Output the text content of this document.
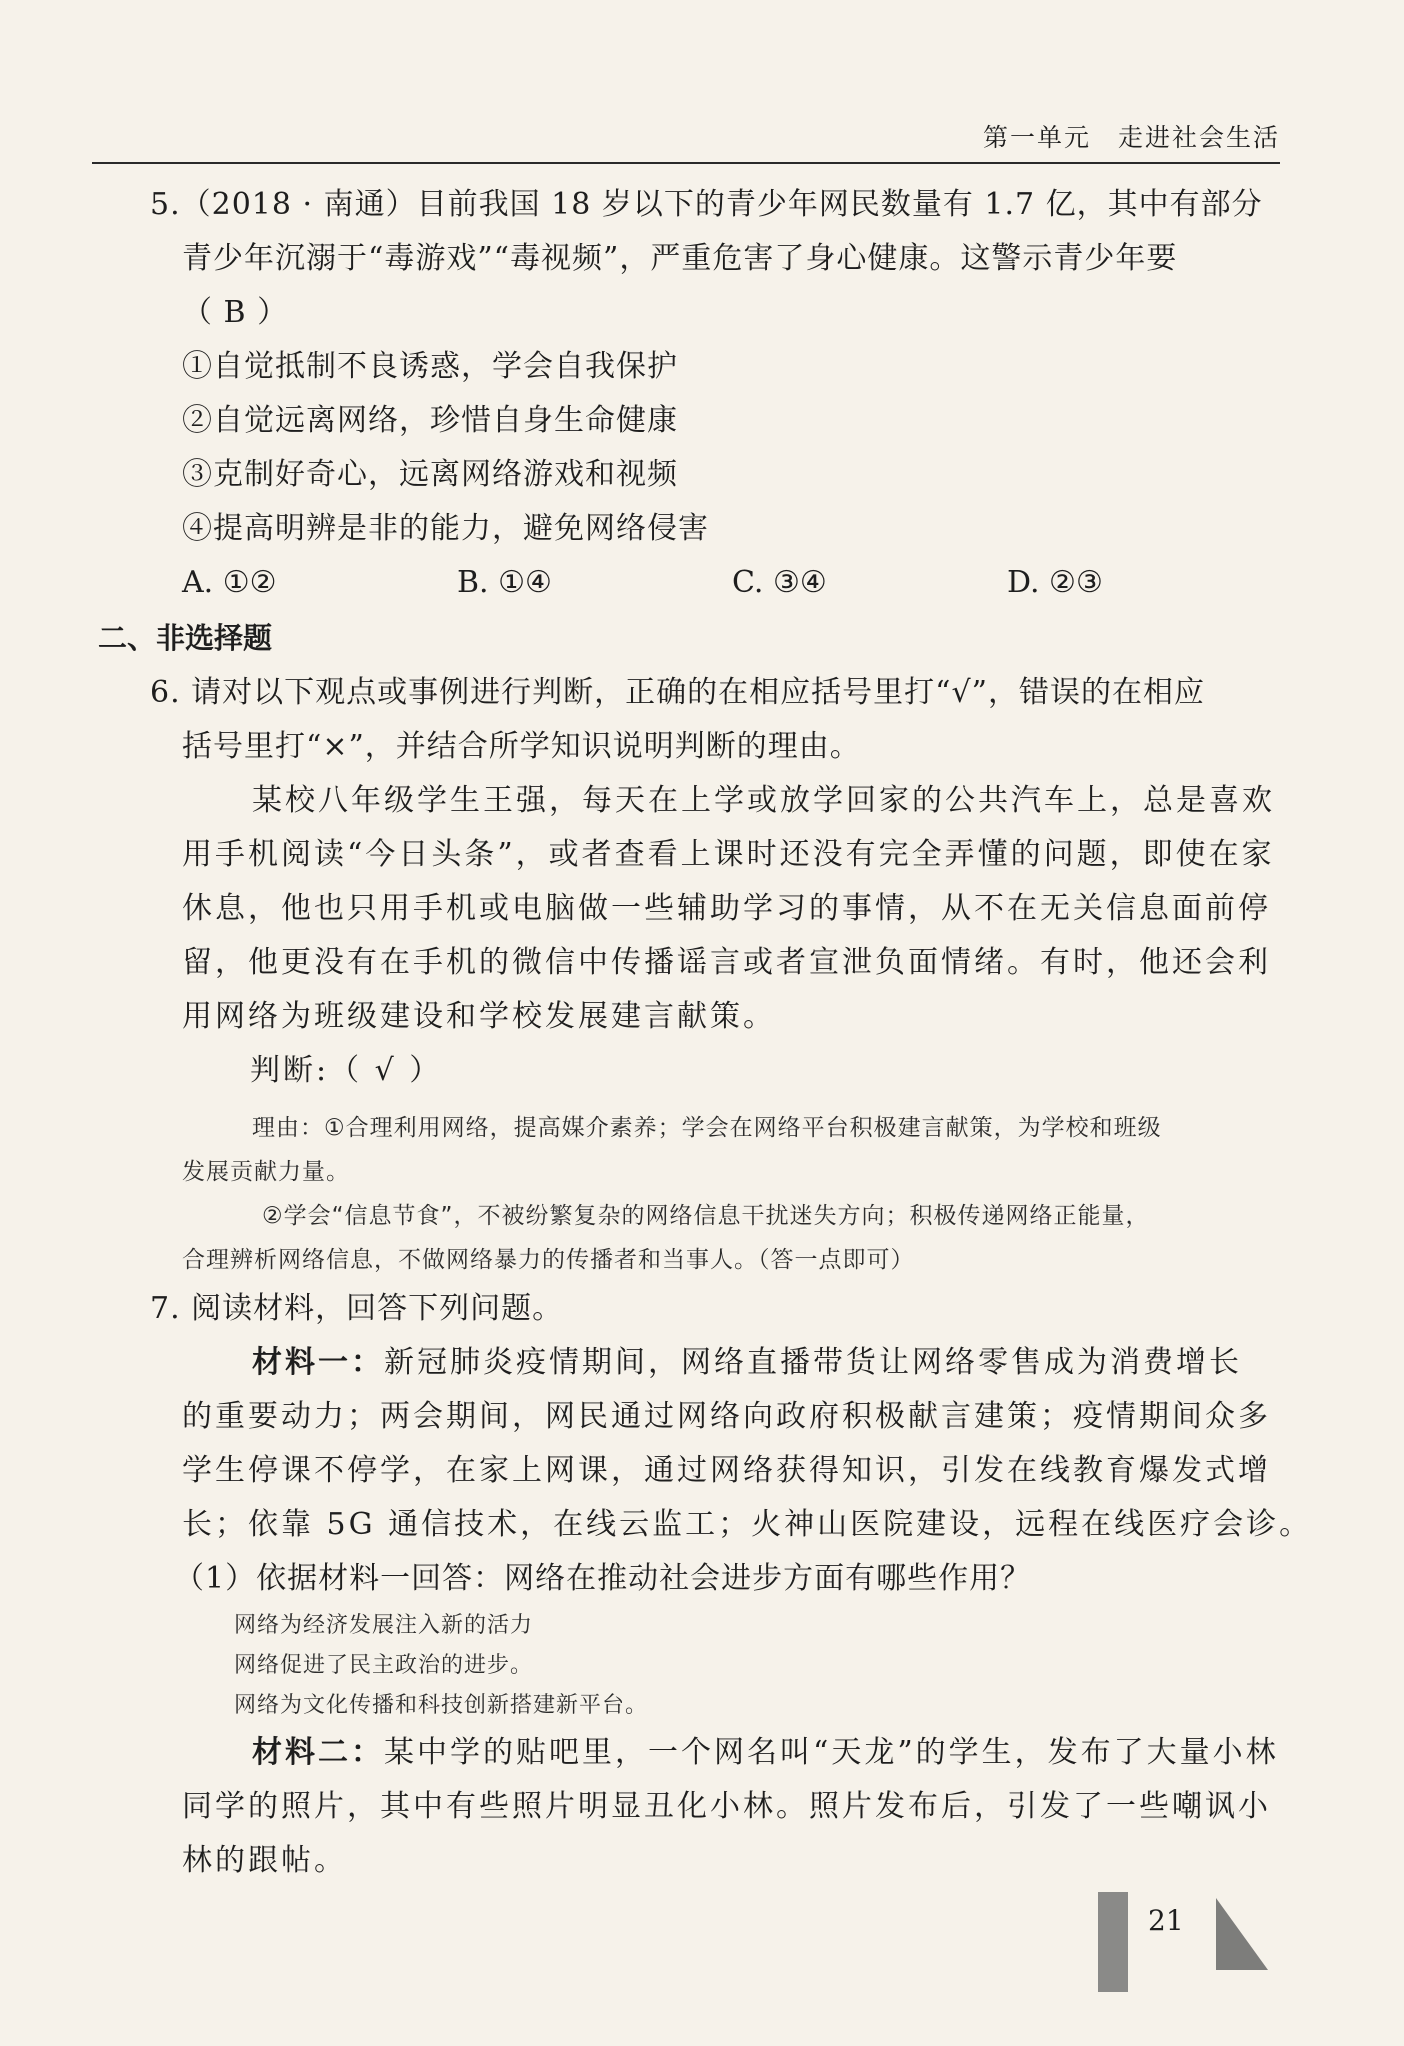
第一单元　走进社会生活

5.（2018 · 南通）目前我国 18 岁以下的青少年网民数量有 1.7 亿，其中有部分

青少年沉溺于“毒游戏”“毒视频”，严重危害了身心健康。这警示青少年要

（ B ）

①自觉抵制不良诱惑，学会自我保护

②自觉远离网络，珍惜自身生命健康

③克制好奇心，远离网络游戏和视频

④提高明辨是非的能力，避免网络侵害

A. ①②	B. ①④	C. ③④	D. ②③

二、非选择题

6. 请对以下观点或事例进行判断，正确的在相应括号里打“√”，错误的在相应

括号里打“×”，并结合所学知识说明判断的理由。

某校八年级学生王强，每天在上学或放学回家的公共汽车上，总是喜欢
用手机阅读“今日头条”，或者查看上课时还没有完全弄懂的问题，即使在家
休息，他也只用手机或电脑做一些辅助学习的事情，从不在无关信息面前停
留，他更没有在手机的微信中传播谣言或者宣泄负面情绪。有时，他还会利
用网络为班级建设和学校发展建言献策。
判断:（ √ ）
理由：①合理利用网络，提高媒介素养；学会在网络平台积极建言献策，为学校和班级
发展贡献力量。
②学会“信息节食”，不被纷繁复杂的网络信息干扰迷失方向；积极传递网络正能量，
合理辨析网络信息，不做网络暴力的传播者和当事人。（答一点即可）

7. 阅读材料，回答下列问题。

材料一：新冠肺炎疫情期间，网络直播带货让网络零售成为消费增长
的重要动力；两会期间，网民通过网络向政府积极献言建策；疫情期间众多
学生停课不停学，在家上网课，通过网络获得知识，引发在线教育爆发式增
长；依靠 5G 通信技术，在线云监工；火神山医院建设，远程在线医疗会诊。

（1）依据材料一回答：网络在推动社会进步方面有哪些作用？

网络为经济发展注入新的活力
网络促进了民主政治的进步。
网络为文化传播和科技创新搭建新平台。
材料二：某中学的贴吧里，一个网名叫“天龙”的学生，发布了大量小林
同学的照片，其中有些照片明显丑化小林。照片发布后，引发了一些嘲讽小
林的跟帖。
21
